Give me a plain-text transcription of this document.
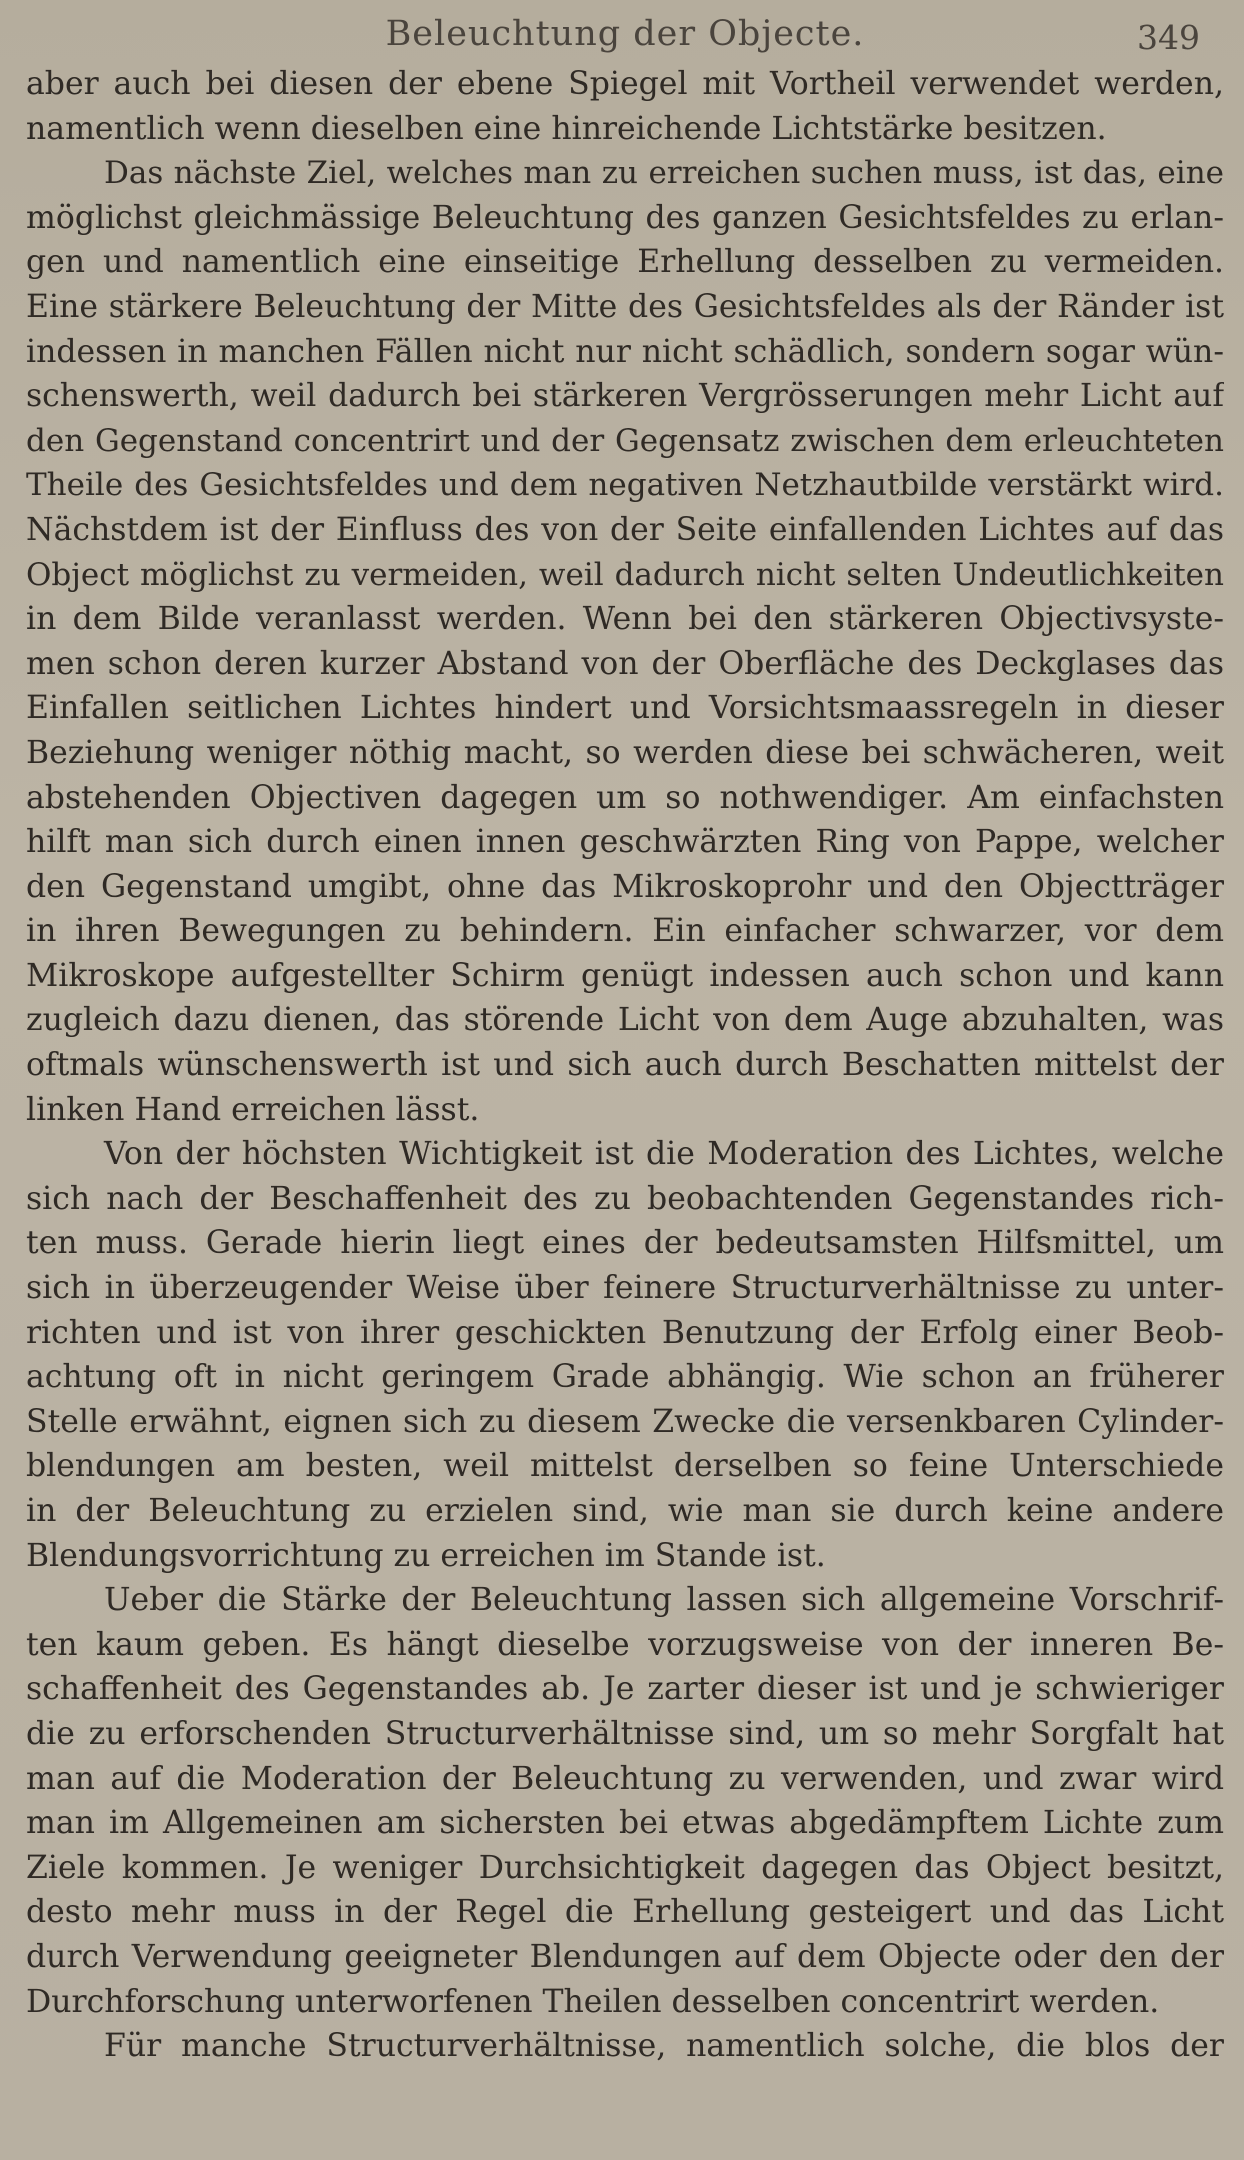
Beleuchtung der Objecte.	349
aber auch bei diesen der ebene Spiegel mit Vortheil verwendet werden,
namentlich wenn dieselben eine hinreichende Lichtstärke besitzen.
Das nächste Ziel, welches man zu erreichen suchen muss, ist das, eine
möglichst gleichmässige Beleuchtung des ganzen Gesichtsfeldes zu erlan-
gen und namentlich eine einseitige Erhellung desselben zu vermeiden.
Eine stärkere Beleuchtung der Mitte des Gesichtsfeldes als der Ränder ist
indessen in manchen Fällen nicht nur nicht schädlich, sondern sogar wün-
schenswerth, weil dadurch bei stärkeren Vergrösserungen mehr Licht auf
den Gegenstand concentrirt und der Gegensatz zwischen dem erleuchteten
Theile des Gesichtsfeldes und dem negativen Netzhautbilde verstärkt wird.
Nächstdem ist der Einfluss des von der Seite einfallenden Lichtes auf das
Object möglichst zu vermeiden, weil dadurch nicht selten Undeutlichkeiten
in dem Bilde veranlasst werden. Wenn bei den stärkeren Objectivsyste-
men schon deren kurzer Abstand von der Oberfläche des Deckglases das
Einfallen seitlichen Lichtes hindert und Vorsichtsmaassregeln in dieser
Beziehung weniger nöthig macht, so werden diese bei schwächeren, weit
abstehenden Objectiven dagegen um so nothwendiger. Am einfachsten
hilft man sich durch einen innen geschwärzten Ring von Pappe, welcher
den Gegenstand umgibt, ohne das Mikroskoprohr und den Objectträger
in ihren Bewegungen zu behindern. Ein einfacher schwarzer, vor dem
Mikroskope aufgestellter Schirm genügt indessen auch schon und kann
zugleich dazu dienen, das störende Licht von dem Auge abzuhalten, was
oftmals wünschenswerth ist und sich auch durch Beschatten mittelst der
linken Hand erreichen lässt.
Von der höchsten Wichtigkeit ist die Moderation des Lichtes, welche
sich nach der Beschaffenheit des zu beobachtenden Gegenstandes rich-
ten muss. Gerade hierin liegt eines der bedeutsamsten Hilfsmittel, um
sich in überzeugender Weise über feinere Structurverhältnisse zu unter-
richten und ist von ihrer geschickten Benutzung der Erfolg einer Beob-
achtung oft in nicht geringem Grade abhängig. Wie schon an früherer
Stelle erwähnt, eignen sich zu diesem Zwecke die versenkbaren Cylinder-
blendungen am besten, weil mittelst derselben so feine Unterschiede
in der Beleuchtung zu erzielen sind, wie man sie durch keine andere
Blendungsvorrichtung zu erreichen im Stande ist.
Ueber die Stärke der Beleuchtung lassen sich allgemeine Vorschrif-
ten kaum geben. Es hängt dieselbe vorzugsweise von der inneren Be-
schaffenheit des Gegenstandes ab. Je zarter dieser ist und je schwieriger
die zu erforschenden Structurverhältnisse sind, um so mehr Sorgfalt hat
man auf die Moderation der Beleuchtung zu verwenden, und zwar wird
man im Allgemeinen am sichersten bei etwas abgedämpftem Lichte zum
Ziele kommen. Je weniger Durchsichtigkeit dagegen das Object besitzt,
desto mehr muss in der Regel die Erhellung gesteigert und das Licht
durch Verwendung geeigneter Blendungen auf dem Objecte oder den der
Durchforschung unterworfenen Theilen desselben concentrirt werden.
Für manche Structurverhältnisse, namentlich solche, die blos der
